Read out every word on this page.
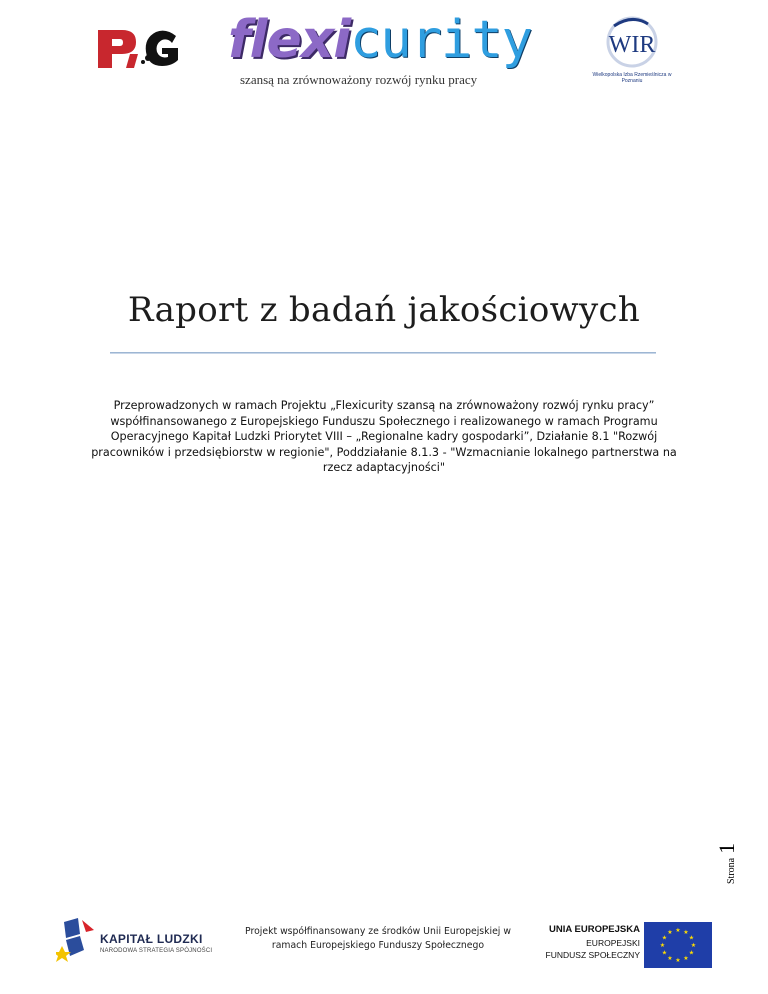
flexicurity
szansą na zrównoważony rozwój rynku pracy
WIR
Wielkopolska Izba Rzemieślnicza w Poznaniu
Raport z badań jakościowych
Przeprowadzonych w ramach Projektu „Flexicurity szansą na zrównoważony rozwój rynku pracy” współfinansowanego z Europejskiego Funduszu Społecznego i realizowanego w ramach Programu Operacyjnego Kapitał Ludzki Priorytet VIII – „Regionalne kadry gospodarki”, Działanie 8.1 "Rozwój pracowników i przedsiębiorstw w regionie", Poddziałanie 8.1.3 - "Wzmacnianie lokalnego partnerstwa na rzecz adaptacyjności"
Strona 1
KAPITAŁ LUDZKI
NARODOWA STRATEGIA SPÓJNOŚCI
Projekt współfinansowany ze środków Unii Europejskiej w ramach Europejskiego Funduszy Społecznego
UNIA EUROPEJSKA
EUROPEJSKI
FUNDUSZ SPOŁECZNY
★ ★
★
★
★
★
★
★
★
★
★
★
